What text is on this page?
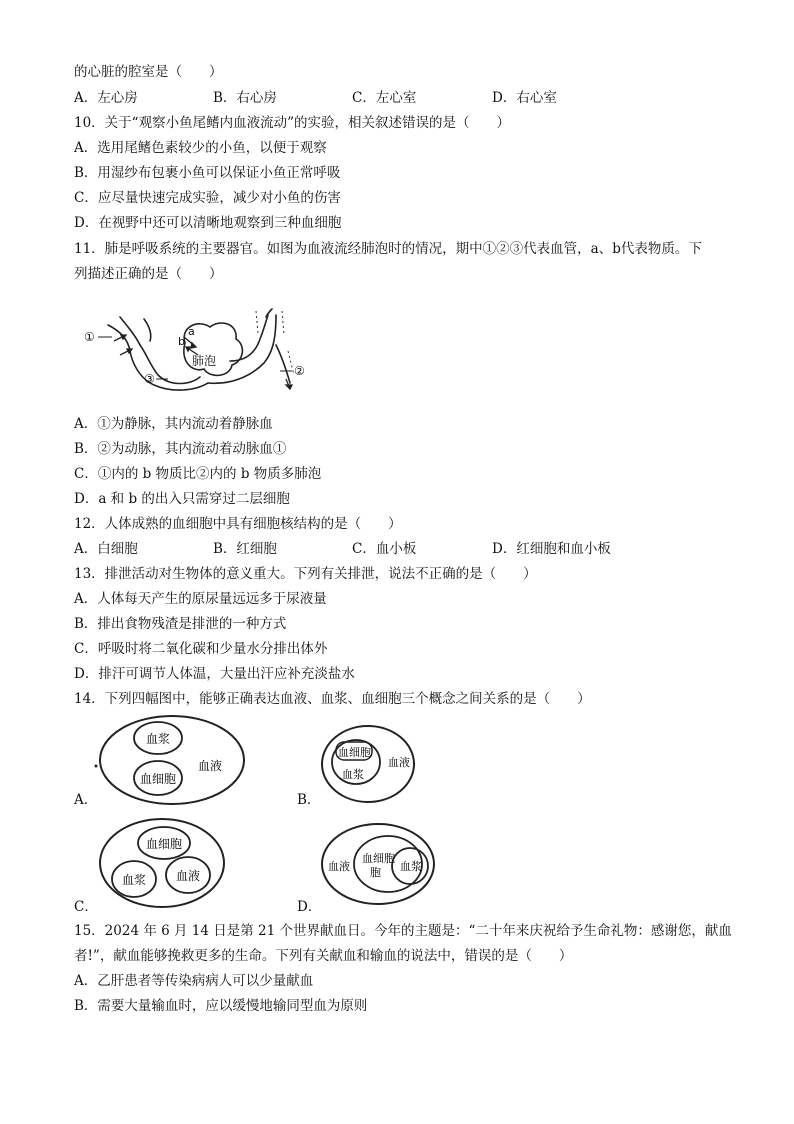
的心脏的腔室是（　　）
A．左心房	B．右心房	C．左心室	D．右心室
10．关于“观察小鱼尾鳍内血液流动”的实验，相关叙述错误的是（　　）
A．选用尾鳍色素较少的小鱼，以便于观察
B．用湿纱布包裹小鱼可以保证小鱼正常呼吸
C．应尽量快速完成实验，减少对小鱼的伤害
D．在视野中还可以清晰地观察到三种血细胞
11．肺是呼吸系统的主要器官。如图为血液流经肺泡时的情况，期中①②③代表血管，a、b代表物质。下
列描述正确的是（　　）
①
③
②
a
b
肺泡
A．①为静脉，其内流动着静脉血
B．②为动脉，其内流动着动脉血①
C．①内的 b 物质比②内的 b 物质多肺泡
D．a 和 b 的出入只需穿过二层细胞
12．人体成熟的血细胞中具有细胞核结构的是（　　）
A．白细胞	B．红细胞	C．血小板	D．红细胞和血小板
13．排泄活动对生物体的意义重大。下列有关排泄，说法不正确的是（　　）
A．人体每天产生的原尿量远远多于尿液量
B．排出食物残渣是排泄的一种方式
C．呼吸时将二氧化碳和少量水分排出体外
D．排汗可调节人体温，大量出汗应补充淡盐水
14．下列四幅图中，能够正确表达血液、血浆、血细胞三个概念之间关系的是（　　）
血浆
血细胞
血液
A．
血细胞
血浆
血液
B．
血细胞
血浆 血液
C．
血液
血细胞
胞 血浆
D．
15．2024 年 6 月 14 日是第 21 个世界献血日。今年的主题是：“二十年来庆祝给予生命礼物：感谢您，献血
者!”，献血能够挽救更多的生命。下列有关献血和输血的说法中，错误的是（　　）
A．乙肝患者等传染病病人可以少量献血
B．需要大量输血时，应以缓慢地输同型血为原则
